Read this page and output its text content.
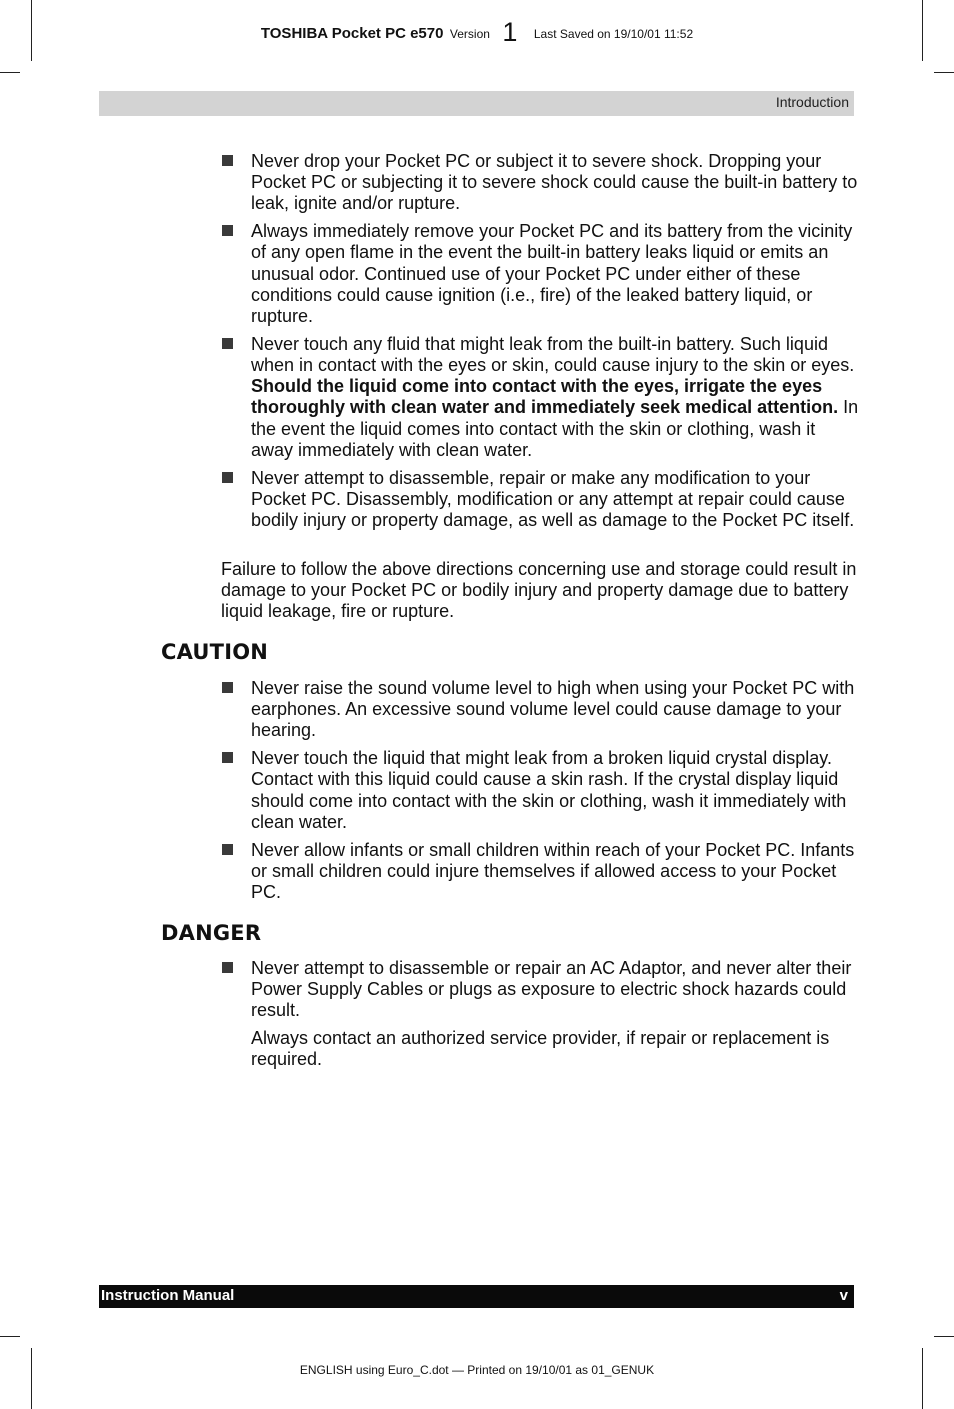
TOSHIBA Pocket PC e570 Version 1 Last Saved on 19/10/01 11:52
Introduction
Never drop your Pocket PC or subject it to severe shock. Dropping your Pocket PC or subjecting it to severe shock could cause the built-in battery to leak, ignite and/or rupture.
Always immediately remove your Pocket PC and its battery from the vicinity of any open flame in the event the built-in battery leaks liquid or emits an unusual odor. Continued use of your Pocket PC under either of these conditions could cause ignition (i.e., fire) of the leaked battery liquid, or rupture.
Never touch any fluid that might leak from the built-in battery. Such liquid when in contact with the eyes or skin, could cause injury to the skin or eyes. Should the liquid come into contact with the eyes, irrigate the eyes thoroughly with clean water and immediately seek medical attention. In the event the liquid comes into contact with the skin or clothing, wash it away immediately with clean water.
Never attempt to disassemble, repair or make any modification to your Pocket PC. Disassembly, modification or any attempt at repair could cause bodily injury or property damage, as well as damage to the Pocket PC itself.

Failure to follow the above directions concerning use and storage could result in damage to your Pocket PC or bodily injury and property damage due to battery liquid leakage, fire or rupture.

CAUTION
Never raise the sound volume level to high when using your Pocket PC with earphones. An excessive sound volume level could cause damage to your hearing.
Never touch the liquid that might leak from a broken liquid crystal display. Contact with this liquid could cause a skin rash. If the crystal display liquid should come into contact with the skin or clothing, wash it immediately with clean water.
Never allow infants or small children within reach of your Pocket PC. Infants or small children could injure themselves if allowed access to your Pocket PC.
DANGER
Never attempt to disassemble or repair an AC Adaptor, and never alter their Power Supply Cables or plugs as exposure to electric shock hazards could result.

Always contact an authorized service provider, if repair or replacement is required.

Instruction Manual	v
ENGLISH using Euro_C.dot — Printed on 19/10/01 as 01_GENUK
